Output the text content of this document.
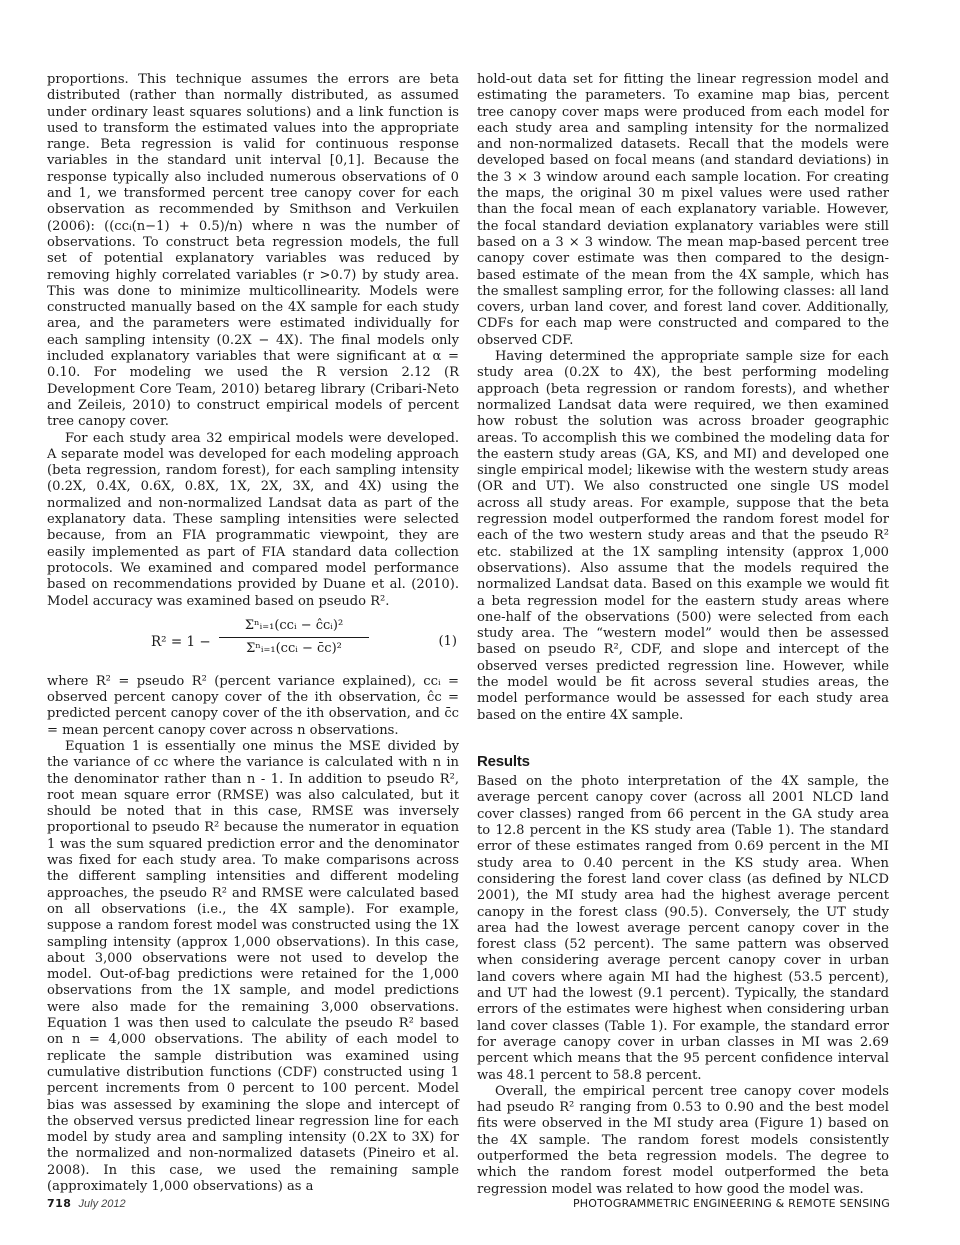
proportions. This technique assumes the errors are beta distributed (rather than normally distributed, as assumed under ordinary least squares solutions) and a link function is used to transform the estimated values into the appropriate range. Beta regression is valid for continuous response variables in the standard unit interval [0,1]. Because the response typically also included numerous observations of 0 and 1, we transformed percent tree canopy cover for each observation as recommended by Smithson and Verkuilen (2006): ((ccᵢ(n−1) + 0.5)/n) where n was the number of observations. To construct beta regression models, the full set of potential explanatory variables was reduced by removing highly correlated variables (r >0.7) by study area. This was done to minimize multicollinearity. Models were constructed manually based on the 4X sample for each study area, and the parameters were estimated individually for each sampling intensity (0.2X − 4X). The final models only included explanatory variables that were significant at α = 0.10. For modeling we used the R version 2.12 (R Development Core Team, 2010) betareg library (Cribari-Neto and Zeileis, 2010) to construct empirical models of percent tree canopy cover.

For each study area 32 empirical models were developed. A separate model was developed for each modeling approach (beta regression, random forest), for each sampling intensity (0.2X, 0.4X, 0.6X, 0.8X, 1X, 2X, 3X, and 4X) using the normalized and non-normalized Landsat data as part of the explanatory data. These sampling intensities were selected because, from an FIA programmatic viewpoint, they are easily implemented as part of FIA standard data collection protocols. We examined and compared model performance based on recommendations provided by Duane et al. (2010). Model accuracy was examined based on pseudo R².

R² = 1 −
Σⁿᵢ₌₁(ccᵢ − ĉcᵢ)²
Σⁿᵢ₌₁(ccᵢ − c̄c)²	(1)

where R² = pseudo R² (percent variance explained), ccᵢ = observed percent canopy cover of the ith observation, ĉc = predicted percent canopy cover of the ith observation, and c̄c = mean percent canopy cover across n observations.

Equation 1 is essentially one minus the MSE divided by the variance of cc where the variance is calculated with n in the denominator rather than n - 1. In addition to pseudo R², root mean square error (RMSE) was also calculated, but it should be noted that in this case, RMSE was inversely proportional to pseudo R² because the numerator in equation 1 was the sum squared prediction error and the denominator was fixed for each study area. To make comparisons across the different sampling intensities and different modeling approaches, the pseudo R² and RMSE were calculated based on all observations (i.e., the 4X sample). For example, suppose a random forest model was constructed using the 1X sampling intensity (approx 1,000 observations). In this case, about 3,000 observations were not used to develop the model. Out-of-bag predictions were retained for the 1,000 observations from the 1X sample, and model predictions were also made for the remaining 3,000 observations. Equation 1 was then used to calculate the pseudo R² based on n = 4,000 observations. The ability of each model to replicate the sample distribution was examined using cumulative distribution functions (CDF) constructed using 1 percent increments from 0 percent to 100 percent. Model bias was assessed by examining the slope and intercept of the observed versus predicted linear regression line for each model by study area and sampling intensity (0.2X to 3X) for the normalized and non-normalized datasets (Pineiro et al. 2008). In this case, we used the remaining sample (approximately 1,000 observations) as a

hold-out data set for fitting the linear regression model and estimating the parameters. To examine map bias, percent tree canopy cover maps were produced from each model for each study area and sampling intensity for the normalized and non-normalized datasets. Recall that the models were developed based on focal means (and standard deviations) in the 3 × 3 window around each sample location. For creating the maps, the original 30 m pixel values were used rather than the focal mean of each explanatory variable. However, the focal standard deviation explanatory variables were still based on a 3 × 3 window. The mean map-based percent tree canopy cover estimate was then compared to the design-based estimate of the mean from the 4X sample, which has the smallest sampling error, for the following classes: all land covers, urban land cover, and forest land cover. Additionally, CDFs for each map were constructed and compared to the observed CDF.

Having determined the appropriate sample size for each study area (0.2X to 4X), the best performing modeling approach (beta regression or random forests), and whether normalized Landsat data were required, we then examined how robust the solution was across broader geographic areas. To accomplish this we combined the modeling data for the eastern study areas (GA, KS, and MI) and developed one single empirical model; likewise with the western study areas (OR and UT). We also constructed one single US model across all study areas. For example, suppose that the beta regression model outperformed the random forest model for each of the two western study areas and that the pseudo R² etc. stabilized at the 1X sampling intensity (approx 1,000 observations). Also assume that the models required the normalized Landsat data. Based on this example we would fit a beta regression model for the eastern study areas where one-half of the observations (500) were selected from each study area. The “western model” would then be assessed based on pseudo R², CDF, and slope and intercept of the observed verses predicted regression line. However, while the model would be fit across several studies areas, the model performance would be assessed for each study area based on the entire 4X sample.

Results

Based on the photo interpretation of the 4X sample, the average percent canopy cover (across all 2001 NLCD land cover classes) ranged from 66 percent in the GA study area to 12.8 percent in the KS study area (Table 1). The standard error of these estimates ranged from 0.69 percent in the MI study area to 0.40 percent in the KS study area. When considering the forest land cover class (as defined by NLCD 2001), the MI study area had the highest average percent canopy in the forest class (90.5). Conversely, the UT study area had the lowest average percent canopy cover in the forest class (52 percent). The same pattern was observed when considering average percent canopy cover in urban land covers where again MI had the highest (53.5 percent), and UT had the lowest (9.1 percent). Typically, the standard errors of the estimates were highest when considering urban land cover classes (Table 1). For example, the standard error for average canopy cover in urban classes in MI was 2.69 percent which means that the 95 percent confidence interval was 48.1 percent to 58.8 percent.

Overall, the empirical percent tree canopy cover models had pseudo R² ranging from 0.53 to 0.90 and the best model fits were observed in the MI study area (Figure 1) based on the 4X sample. The random forest models consistently outperformed the beta regression models. The degree to which the random forest model outperformed the beta regression model was related to how good the model was.

718 July 2012	PHOTOGRAMMETRIC ENGINEERING & REMOTE SENSING
